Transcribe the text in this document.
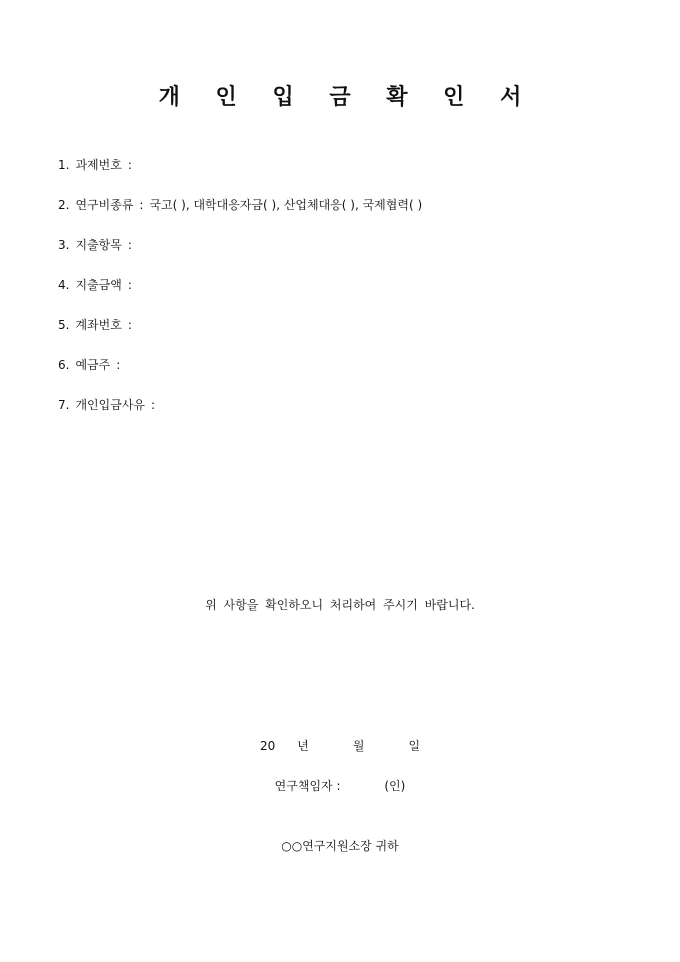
개 인 입 금 확 인 서
1. 과제번호 :
2. 연구비종류 : 국고( ), 대학대응자금( ), 산업체대응( ), 국제협력( )
3. 지출항목 :
4. 지출금액 :
5. 계좌번호 :
6. 예금주 :
7. 개인입금사유 :
위 사항을 확인하오니 처리하여 주시기 바랍니다.
20 년	월	일
연구책임자 :	(인)
○○연구지원소장 귀하
